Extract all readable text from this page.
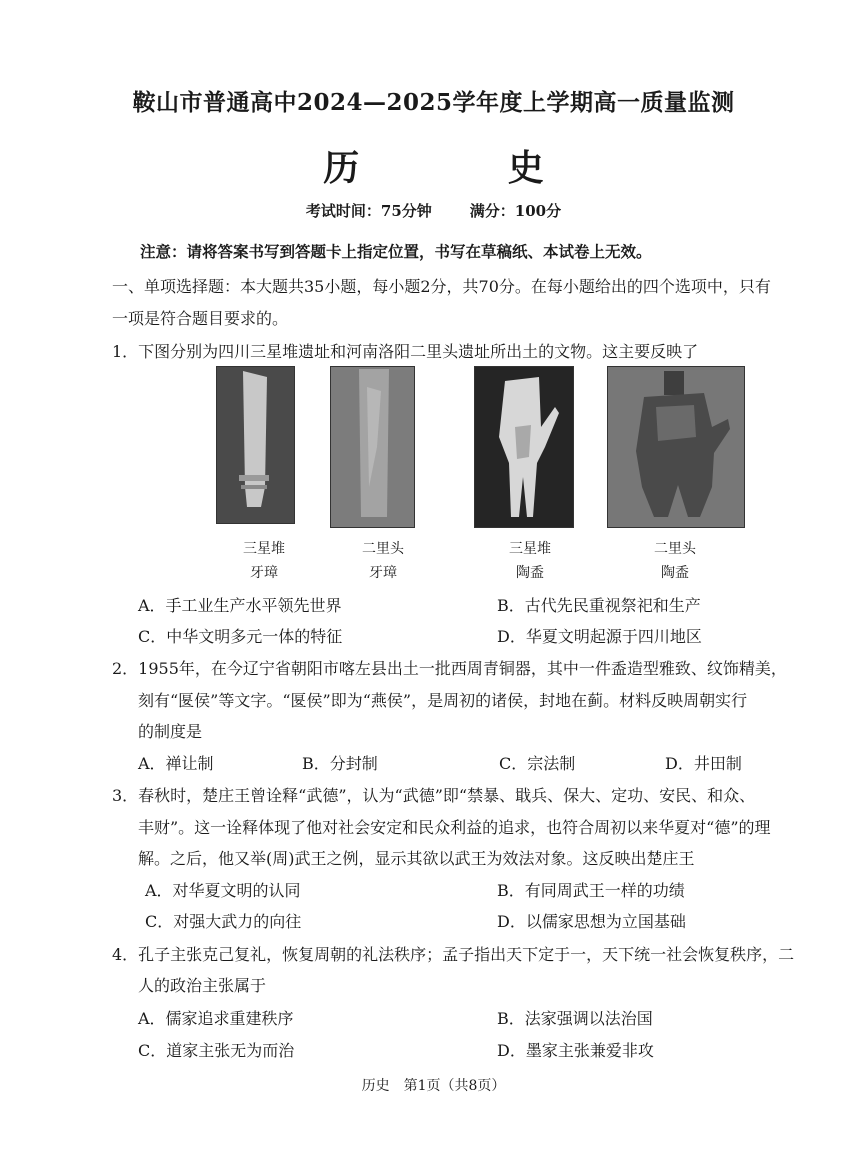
鞍山市普通高中2024—2025学年度上学期高一质量监测
历 史
考试时间：75分钟	满分：100分
注意：请将答案书写到答题卡上指定位置，书写在草稿纸、本试卷上无效。
一、单项选择题：本大题共35小题，每小题2分，共70分。在每小题给出的四个选项中，只有
一项是符合题目要求的。
1．下图分别为四川三星堆遗址和河南洛阳二里头遗址所出土的文物。这主要反映了
三星堆
牙璋
二里头
牙璋
三星堆
陶盉
二里头
陶盉
A．手工业生产水平领先世界	B．古代先民重视祭祀和生产
C．中华文明多元一体的特征	D．华夏文明起源于四川地区
2．1955年，在今辽宁省朝阳市喀左县出土一批西周青铜器，其中一件盉造型雅致、纹饰精美，
刻有“匽侯”等文字。“匽侯”即为“燕侯”，是周初的诸侯，封地在蓟。材料反映周朝实行
的制度是
A．禅让制	B．分封制	C．宗法制	D．井田制
3．春秋时，楚庄王曾诠释“武德”，认为“武德”即“禁暴、戢兵、保大、定功、安民、和众、
丰财”。这一诠释体现了他对社会安定和民众利益的追求，也符合周初以来华夏对“德”的理
解。之后，他又举(周)武王之例，显示其欲以武王为效法对象。这反映出楚庄王
A．对华夏文明的认同	B．有同周武王一样的功绩
C．对强大武力的向往	D．以儒家思想为立国基础
4．孔子主张克己复礼，恢复周朝的礼法秩序；孟子指出天下定于一，天下统一社会恢复秩序，二
人的政治主张属于
A．儒家追求重建秩序	B．法家强调以法治国
C．道家主张无为而治	D．墨家主张兼爱非攻
历史　第1页（共8页）
